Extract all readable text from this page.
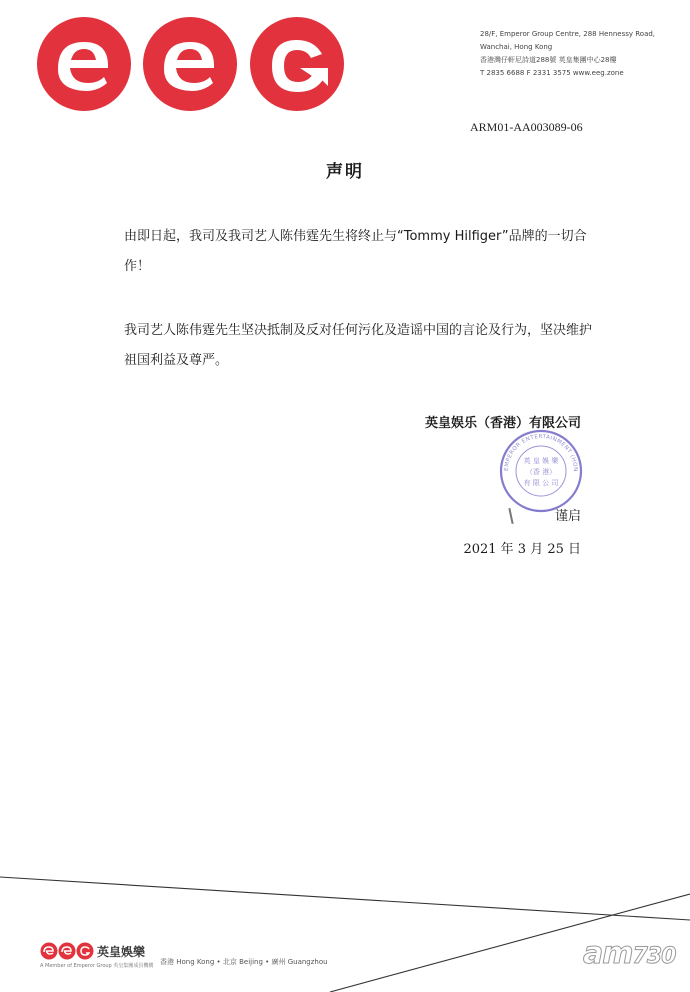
28/F, Emperor Group Centre, 288 Hennessy Road,
Wanchai, Hong Kong
香港灣仔軒尼詩道288號 英皇集團中心28樓
T 2835 6688 F 2331 3575 www.eeg.zone
ARM01-AA003089-06
声明
由即日起，我司及我司艺人陈伟霆先生将终止与“Tommy Hilfiger”品牌的一切合作！
我司艺人陈伟霆先生坚决抵制及反对任何污化及造谣中国的言论及行为，坚决维护祖国利益及尊严。
英皇娱乐（香港）有限公司
英 皇 娛 樂
（香 港）
有 限 公 司
EMPEROR ENTERTAINMENT (HON
谨启
2021 年 3 月 25 日
英皇娛樂
A Member of Emperor Group 英皇集團成員機構 香港 Hong Kong • 北京 Beijing • 廣州 Guangzhou	am730
